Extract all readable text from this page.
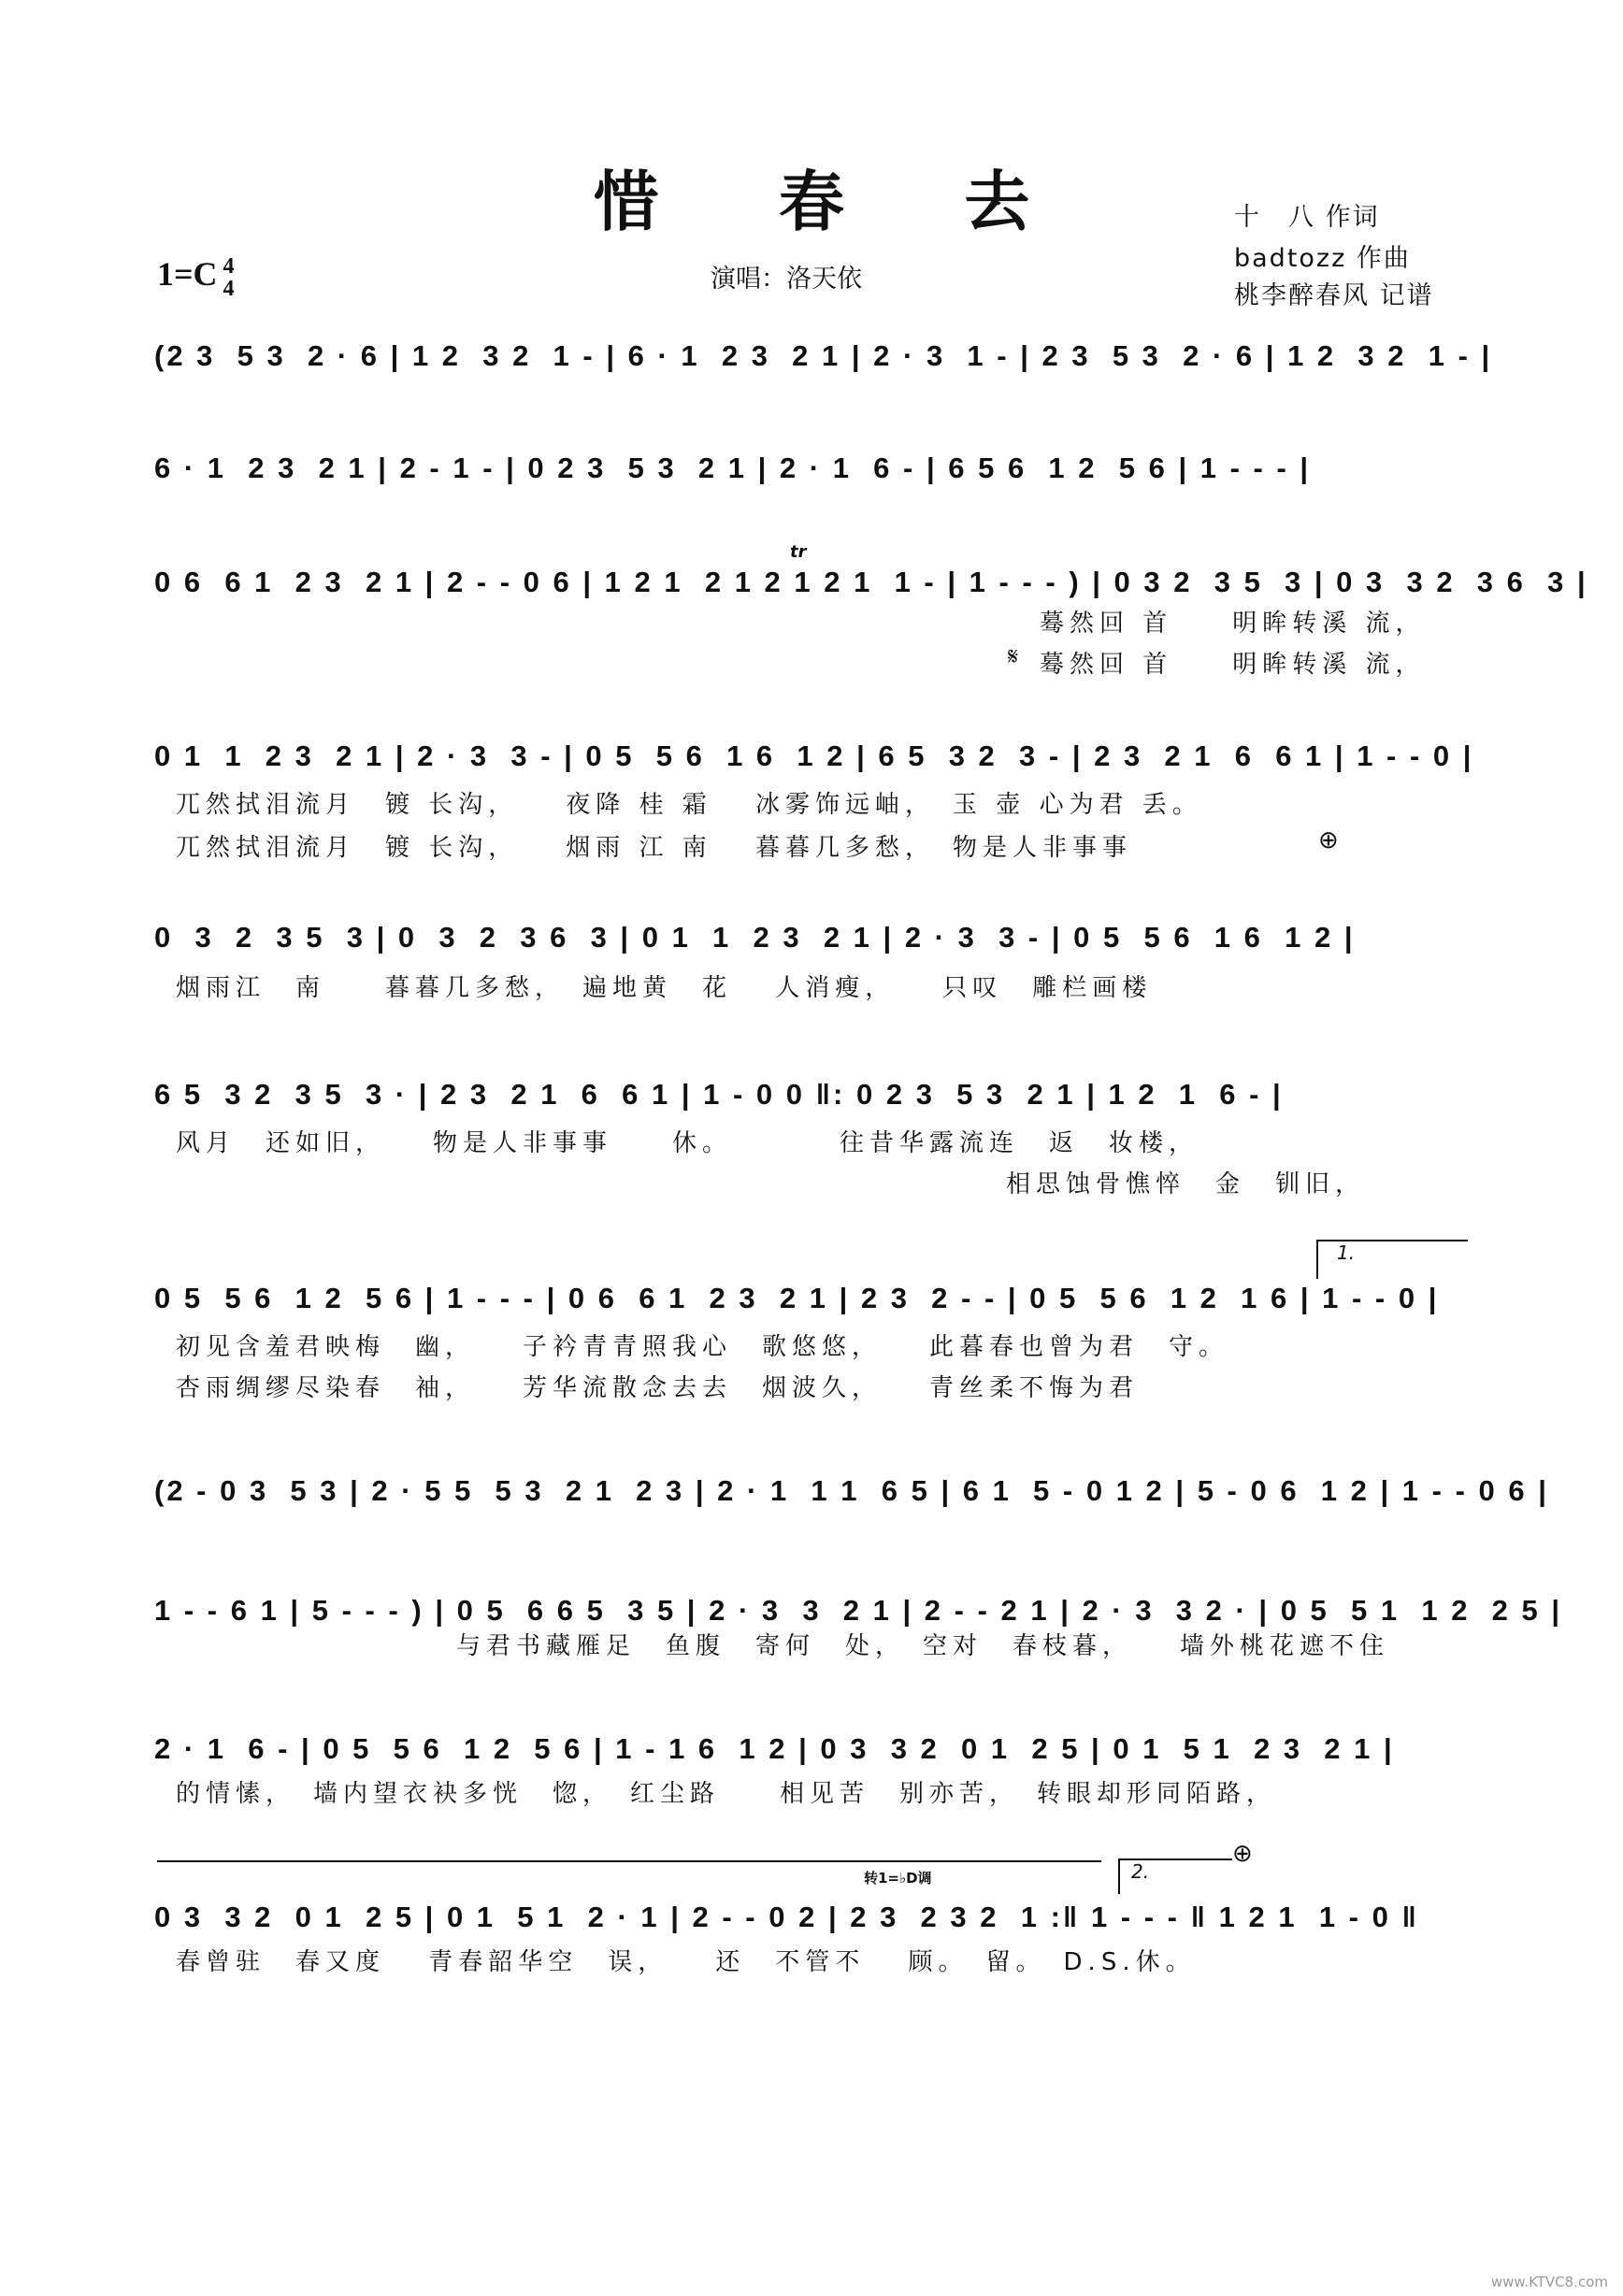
惜 春 去
演唱：洛天依
十　八 作词
badtozz 作曲
桃李醉春风 记谱
1=C 4
4
(2 3  5 3  2 · 6 | 1 2  3 2  1 - | 6 · 1  2 3  2 1 | 2 · 3  1 - | 2 3  5 3  2 · 6 | 1 2  3 2  1 - |
6 · 1  2 3  2 1 | 2 - 1 - | 0 2 3  5 3  2 1 | 2 · 1  6 - | 6 5 6  1 2  5 6 | 1 - - - |
0 6  6 1  2 3  2 1 | 2 - - 0 6 | 1 2 1  2 1 2 1 2 1  1 - | 1 - - - ) | 0 3 2  3 5  3 | 0 3  3 2  3 6  3 |
蓦然回 首　　明眸转溪 流，
蓦然回 首　　明眸转溪 流，
𝄋
tr
0 1  1  2 3  2 1 | 2 · 3  3 - | 0 5  5 6  1 6  1 2 | 6 5  3 2  3 - | 2 3  2 1  6  6 1 | 1 - - 0 |
兀然拭泪流月　镀 长沟，　　夜降 桂 霜　 冰雾饰远岫，　玉 壶 心为君 丢。
兀然拭泪流月　镀 长沟，　　烟雨 江 南　 暮暮几多愁，　物是人非事事	⊕
0  3  2  3 5  3 | 0  3  2  3 6  3 | 0 1  1  2 3  2 1 | 2 · 3  3 - | 0 5  5 6  1 6  1 2 |
烟雨江　南　　暮暮几多愁，　遍地黄　花　 人消瘦，　　只叹　雕栏画楼
6 5  3 2  3 5  3 · | 2 3  2 1  6  6 1 | 1 - 0 0 ‖: 0 2 3  5 3  2 1 | 1 2  1  6 - |
风月　还如旧，　　物是人非事事　　休。　　　　往昔华露流连　返　妆楼，
相思蚀骨憔悴　金　钏旧，
1.
0 5  5 6  1 2  5 6 | 1 - - - | 0 6  6 1  2 3  2 1 | 2 3  2 - - | 0 5  5 6  1 2  1 6 | 1 - - 0 |
初见含羞君映梅　幽，　　子衿青青照我心　歌悠悠，　　此暮春也曾为君　守。
杏雨绸缪尽染春　袖，　　芳华流散念去去　烟波久，　　青丝柔不悔为君
(2 - 0 3  5 3 | 2 · 5 5  5 3  2 1  2 3 | 2 · 1  1 1  6 5 | 6 1  5 - 0 1 2 | 5 - 0 6  1 2 | 1 - - 0 6 |
1 - - 6 1 | 5 - - - ) | 0 5  6 6 5  3 5 | 2 · 3  3  2 1 | 2 - - 2 1 | 2 · 3  3 2 · | 0 5  5 1  1 2  2 5 |
与君书藏雁足　鱼腹　寄何　处，　空对　春枝暮，　　墙外桃花遮不住
2 · 1  6 - | 0 5  5 6  1 2  5 6 | 1 - 1 6  1 2 | 0 3  3 2  0 1  2 5 | 0 1  5 1  2 3  2 1 |
的情愫，　墙内望衣袂多恍　惚，　红尘路　　相见苦　别亦苦，　转眼却形同陌路，
转1=♭D调	2.
⊕
0 3  3 2  0 1  2 5 | 0 1  5 1  2 · 1 | 2 - - 0 2 | 2 3  2 3 2  1 :‖ 1 - - - ‖ 1 2 1  1 - 0 ‖
春曾驻　春又度　 青春韶华空　误，　　还　不管不　 顾。　留。　D.S.休。
www.KTVC8.com
